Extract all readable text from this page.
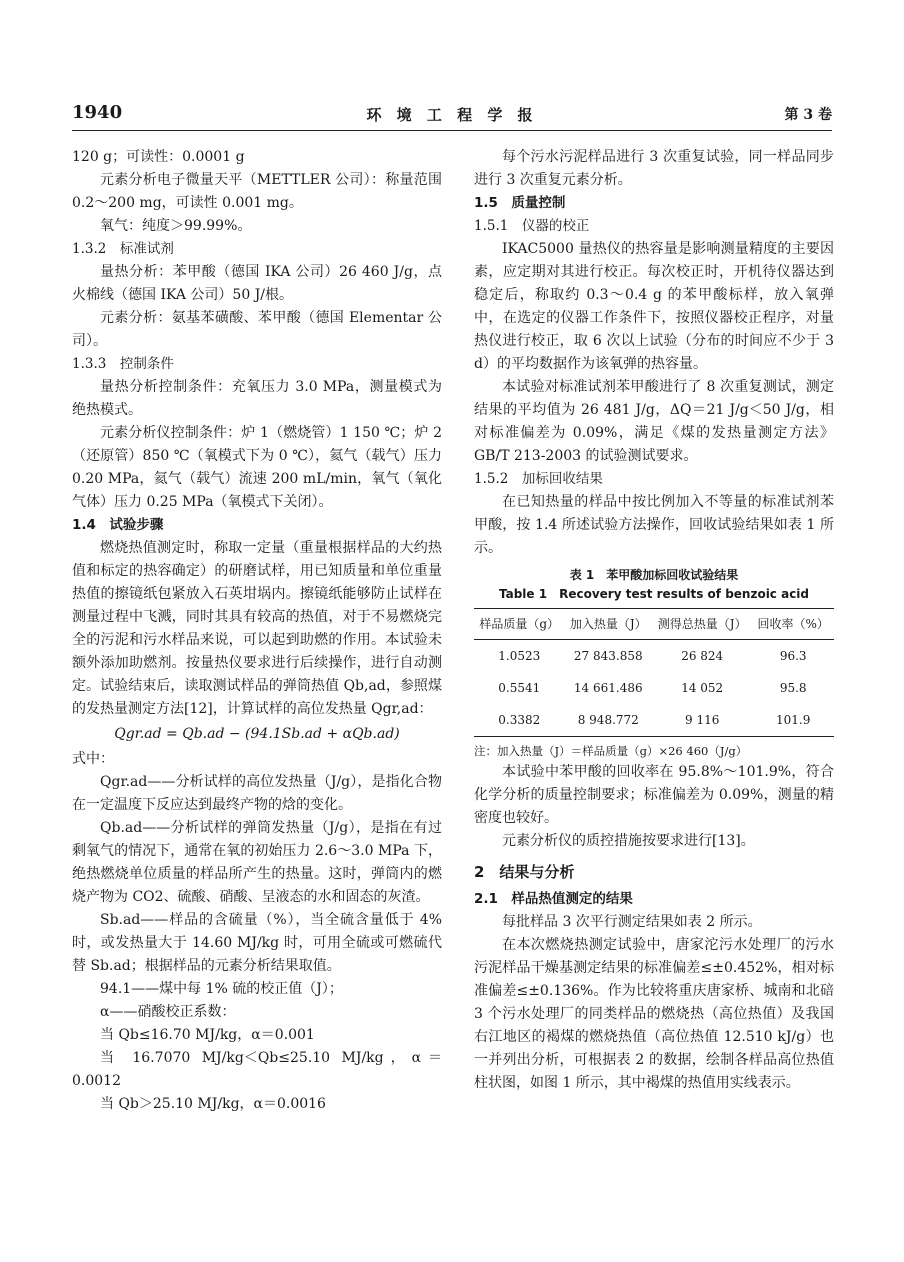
1940	环 境 工 程 学 报	第 3 卷

120 g；可读性：0.0001 g

元素分析电子微量天平（METTLER 公司）：称量范围 0.2～200 mg，可读性 0.001 mg。

氧气：纯度＞99.99%。

1.3.2　标准试剂

量热分析：苯甲酸（德国 IKA 公司）26 460 J/g，点火棉线（德国 IKA 公司）50 J/根。

元素分析：氨基苯磺酸、苯甲酸（德国 Elementar 公司）。

1.3.3　控制条件

量热分析控制条件：充氧压力 3.0 MPa，测量模式为绝热模式。

元素分析仪控制条件：炉 1（燃烧管）1 150 ℃；炉 2（还原管）850 ℃（氧模式下为 0 ℃），氦气（载气）压力 0.20 MPa，氦气（载气）流速 200 mL/min，氧气（氧化气体）压力 0.25 MPa（氧模式下关闭）。

1.4　试验步骤

燃烧热值测定时，称取一定量（重量根据样品的大约热值和标定的热容确定）的研磨试样，用已知质量和单位重量热值的擦镜纸包紧放入石英坩埚内。擦镜纸能够防止试样在测量过程中飞溅，同时其具有较高的热值，对于不易燃烧完全的污泥和污水样品来说，可以起到助燃的作用。本试验未额外添加助燃剂。按量热仪要求进行后续操作，进行自动测定。试验结束后，读取测试样品的弹筒热值 Qb,ad，参照煤的发热量测定方法[12]，计算试样的高位发热量 Qgr,ad：

Qgr.ad = Qb.ad − (94.1Sb.ad + αQb.ad)

式中：

Qgr.ad——分析试样的高位发热量（J/g），是指化合物在一定温度下反应达到最终产物的焓的变化。

Qb.ad——分析试样的弹筒发热量（J/g），是指在有过剩氧气的情况下，通常在氧的初始压力 2.6～3.0 MPa 下，绝热燃烧单位质量的样品所产生的热量。这时，弹筒内的燃烧产物为 CO2、硫酸、硝酸、呈液态的水和固态的灰渣。

Sb.ad——样品的含硫量（%），当全硫含量低于 4% 时，或发热量大于 14.60 MJ/kg 时，可用全硫或可燃硫代替 Sb.ad；根据样品的元素分析结果取值。

94.1——煤中每 1% 硫的校正值（J）；

α——硝酸校正系数：

当 Qb≤16.70 MJ/kg，α＝0.001

当 16.7070 MJ/kg＜Qb≤25.10 MJ/kg，α＝0.0012

当 Qb＞25.10 MJ/kg，α＝0.0016

每个污水污泥样品进行 3 次重复试验，同一样品同步进行 3 次重复元素分析。

1.5　质量控制

1.5.1　仪器的校正

IKAC5000 量热仪的热容量是影响测量精度的主要因素，应定期对其进行校正。每次校正时，开机待仪器达到稳定后，称取约 0.3～0.4 g 的苯甲酸标样，放入氧弹中，在选定的仪器工作条件下，按照仪器校正程序，对量热仪进行校正，取 6 次以上试验（分布的时间应不少于 3 d）的平均数据作为该氧弹的热容量。

本试验对标准试剂苯甲酸进行了 8 次重复测试，测定结果的平均值为 26 481 J/g，ΔQ＝21 J/g＜50 J/g，相对标准偏差为 0.09%，满足《煤的发热量测定方法》GB/T 213-2003 的试验测试要求。

1.5.2　加标回收结果

在已知热量的样品中按比例加入不等量的标准试剂苯甲酸，按 1.4 所述试验方法操作，回收试验结果如表 1 所示。

表 1　苯甲酸加标回收试验结果
Table 1　Recovery test results of benzoic acid
样品质量（g）	加入热量（J）	测得总热量（J）	回收率（%）
1.0523	27 843.858	26 824	96.3
0.5541	14 661.486	14 052	95.8
0.3382	8 948.772	9 116	101.9

注：加入热量（J）＝样品质量（g）×26 460（J/g）

本试验中苯甲酸的回收率在 95.8%～101.9%，符合化学分析的质量控制要求；标准偏差为 0.09%，测量的精密度也较好。

元素分析仪的质控措施按要求进行[13]。

2　结果与分析

2.1　样品热值测定的结果

每批样品 3 次平行测定结果如表 2 所示。

在本次燃烧热测定试验中，唐家沱污水处理厂的污水污泥样品干燥基测定结果的标准偏差≤±0.452%，相对标准偏差≤±0.136%。作为比较将重庆唐家桥、城南和北碚 3 个污水处理厂的同类样品的燃烧热（高位热值）及我国右江地区的褐煤的燃烧热值（高位热值 12.510 kJ/g）也一并列出分析，可根据表 2 的数据，绘制各样品高位热值柱状图，如图 1 所示，其中褐煤的热值用实线表示。
